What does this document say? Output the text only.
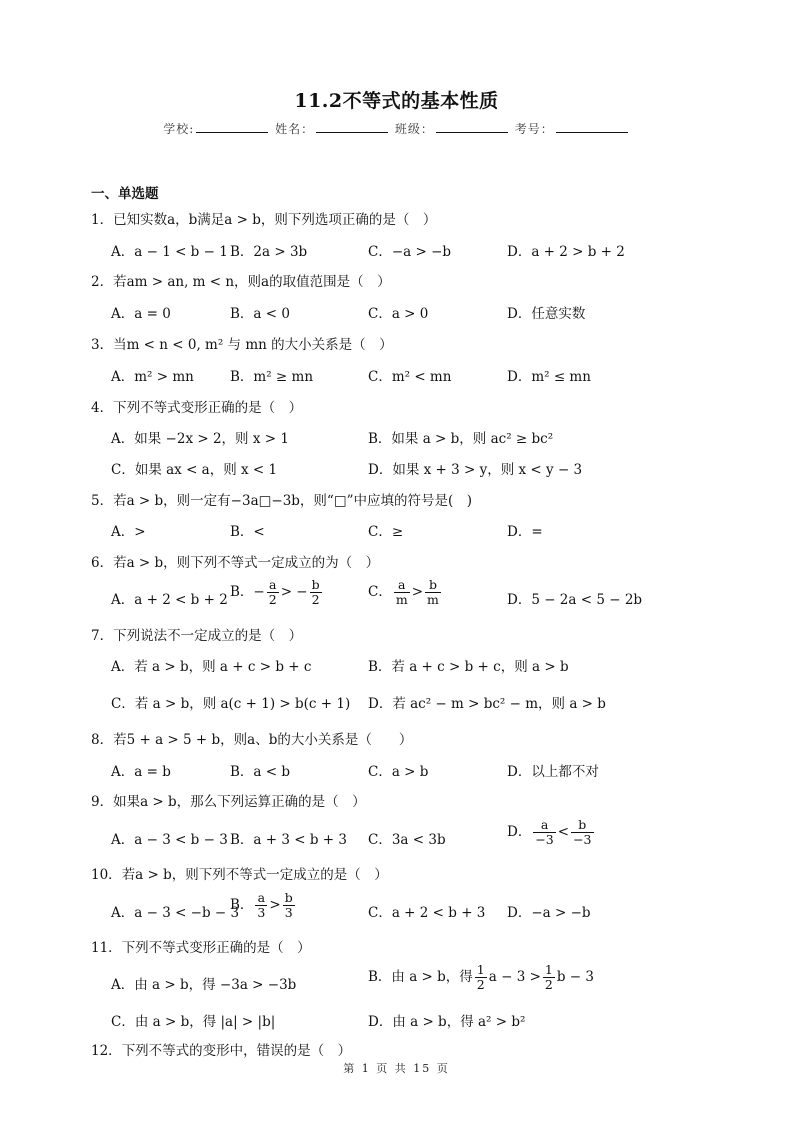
11.2不等式的基本性质
学校:	姓名：	班级：	考号：
一、单选题
1．已知实数a，b满足a > b，则下列选项正确的是（　）
A．a − 1 < b − 1 B．2a > 3b	C．−a > −b	D．a + 2 > b + 2
2．若am > an, m < n，则a的取值范围是（　）
A．a = 0	B．a < 0	C．a > 0	D．任意实数
3．当m < n < 0, m² 与 mn 的大小关系是（　）
A．m² > mn	B．m² ≥ mn	C．m² < mn	D．m² ≤ mn
4．下列不等式变形正确的是（　）
A．如果 −2x > 2，则 x > 1	B．如果 a > b，则 ac² ≥ bc²
C．如果 ax < a，则 x < 1	D．如果 x + 3 > y，则 x < y − 3
5．若a > b，则一定有−3a□−3b，则“□”中应填的符号是(　)
A．>	B．<	C．≥	D．=
6．若a > b，则下列不等式一定成立的为（　）
A．a + 2 < b + 2 B．− $\frac{a}{2}$ > − $\frac{b}{2}$	C． $\frac{a}{m} > \frac{b}{m}$	D．5 − 2a < 5 − 2b
7．下列说法不一定成立的是（　）
A．若 a > b，则 a + c > b + c	B．若 a + c > b + c，则 a > b
C．若 a > b，则 a(c + 1) > b(c + 1) D．若 ac² − m > bc² − m，则 a > b
8．若5 + a > 5 + b，则a、b的大小关系是（　　）
A．a = b	B．a < b	C．a > b	D．以上都不对
9．如果a > b，那么下列运算正确的是（　）
A．a − 3 < b − 3 B．a + 3 < b + 3 C．3a < 3b	D． $\frac{a}{-3} < \frac{b}{-3}$
10．若a > b，则下列不等式一定成立的是（　）
A．a − 3 < −b − 3
B． $\frac{a}{3} > \frac{b}{3}$	C．a + 2 < b + 3 D．−a > −b
11．下列不等式变形正确的是（　）
A．由 a > b，得 −3a > −3b	B．由 a > b，得 $\frac{1}{2}$ $a - 3 > \frac{1}{2}$ b − 3
C．由 a > b，得 |a| > |b|	D．由 a > b，得 a² > b²
12．下列不等式的变形中，错误的是（　）
第 1 页 共 15 页
